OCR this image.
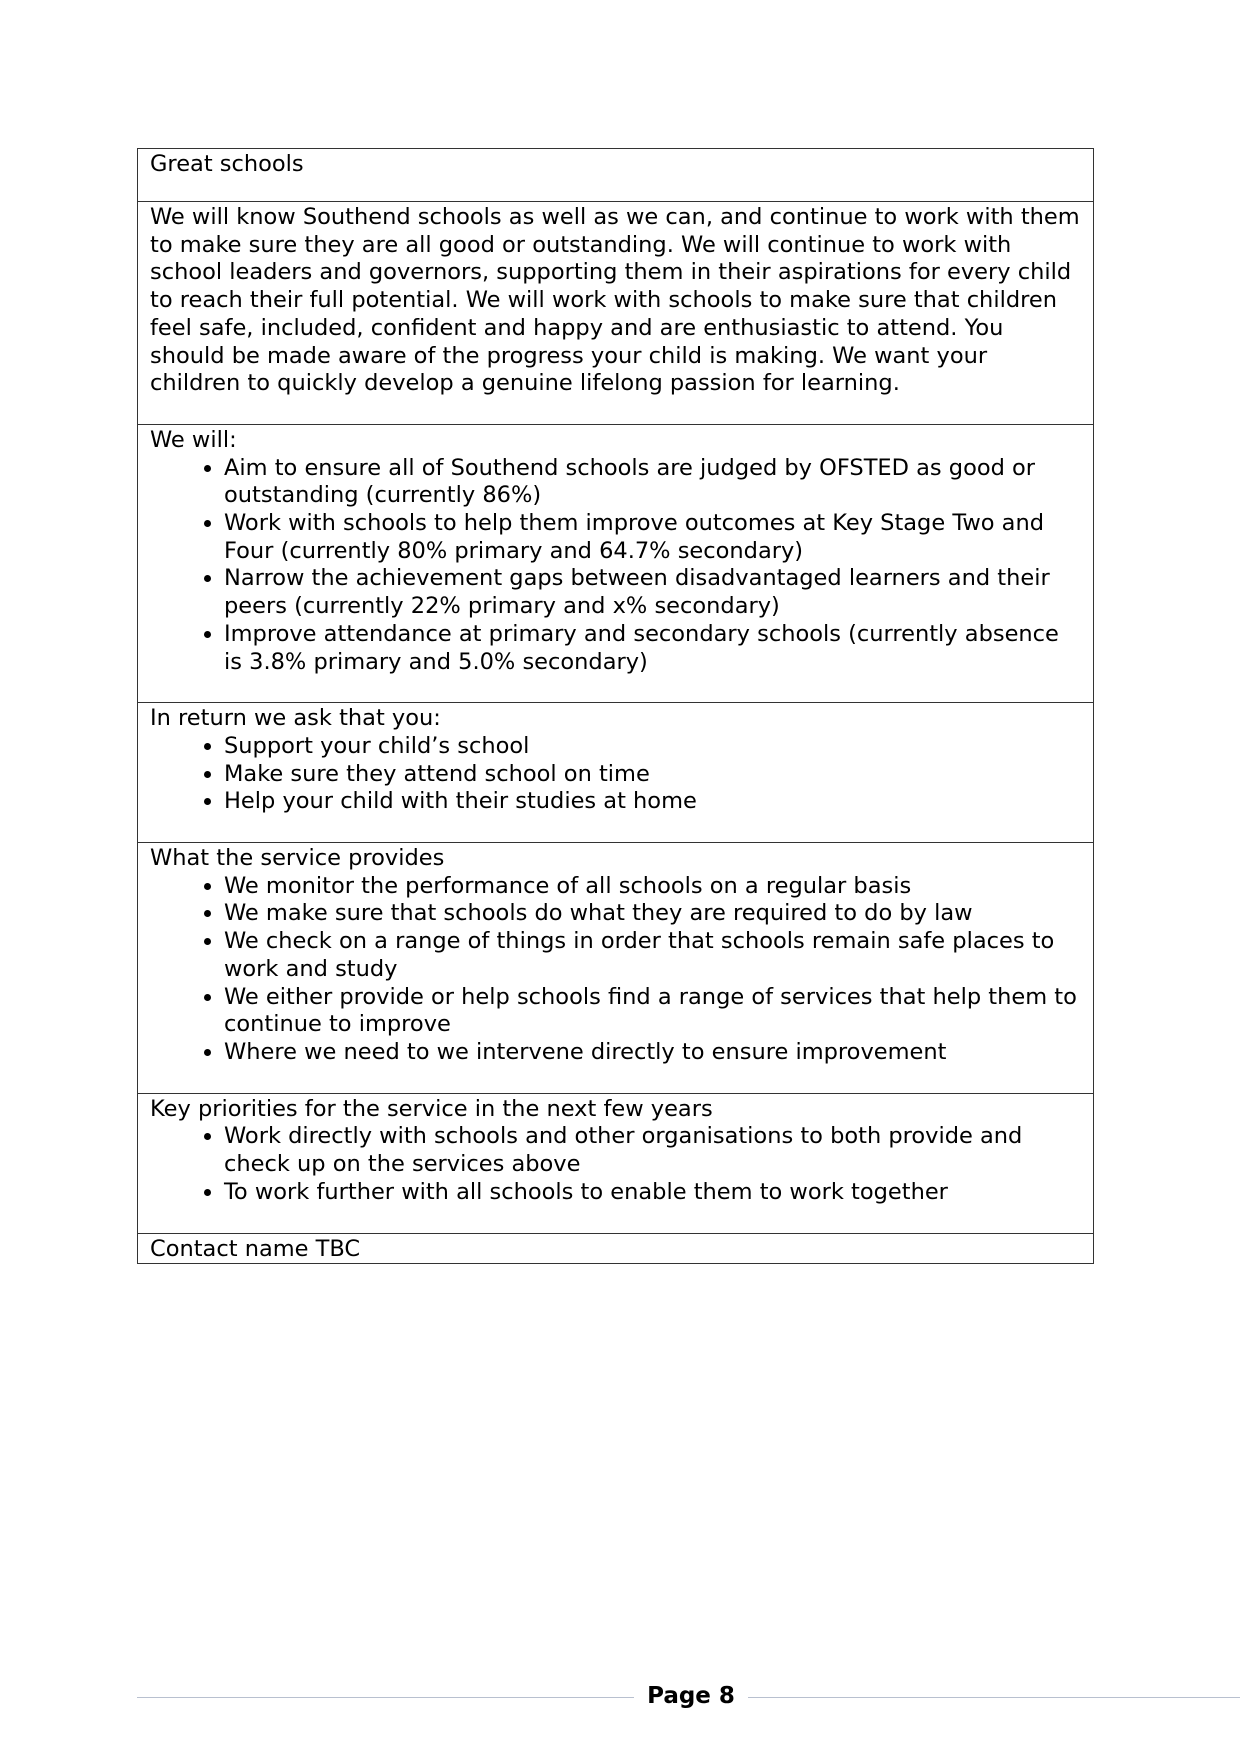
Great schools
We will know Southend schools as well as we can, and continue to work with them to make sure they are all good or outstanding. We will continue to work with school leaders and governors, supporting them in their aspirations for every child to reach their full potential. We will work with schools to make sure that children feel safe, included, confident and happy and are enthusiastic to attend. You should be made aware of the progress your child is making. We want your children to quickly develop a genuine lifelong passion for learning.

We will:
• Aim to ensure all of Southend schools are judged by OFSTED as good or outstanding (currently 86%)
• Work with schools to help them improve outcomes at Key Stage Two and Four (currently 80% primary and 64.7% secondary)
• Narrow the achievement gaps between disadvantaged learners and their peers (currently 22% primary and x% secondary)
• Improve attendance at primary and secondary schools (currently absence is 3.8% primary and 5.0% secondary)

In return we ask that you:
• Support your child’s school
• Make sure they attend school on time
• Help your child with their studies at home

What the service provides
• We monitor the performance of all schools on a regular basis
• We make sure that schools do what they are required to do by law
• We check on a range of things in order that schools remain safe places to work and study
• We either provide or help schools find a range of services that help them to continue to improve
• Where we need to we intervene directly to ensure improvement

Key priorities for the service in the next few years
• Work directly with schools and other organisations to both provide and check up on the services above
• To work further with all schools to enable them to work together

Contact name TBC
Page 8
